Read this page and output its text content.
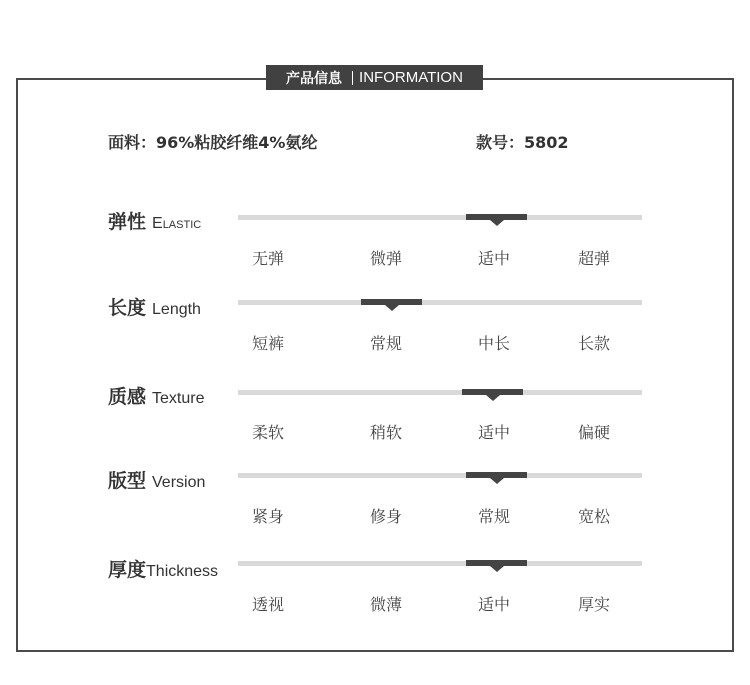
产品信息 INFORMATION
面料：96%粘胶纤维4%氨纶	款号：5802
弹性 Elastic
无弹	微弹	适中	超弹
长度 Length
短裤	常规	中长	长款
质感 Texture
柔软	稍软	适中	偏硬
版型 Version
紧身	修身	常规	宽松
厚度Thickness
透视	微薄	适中	厚实
